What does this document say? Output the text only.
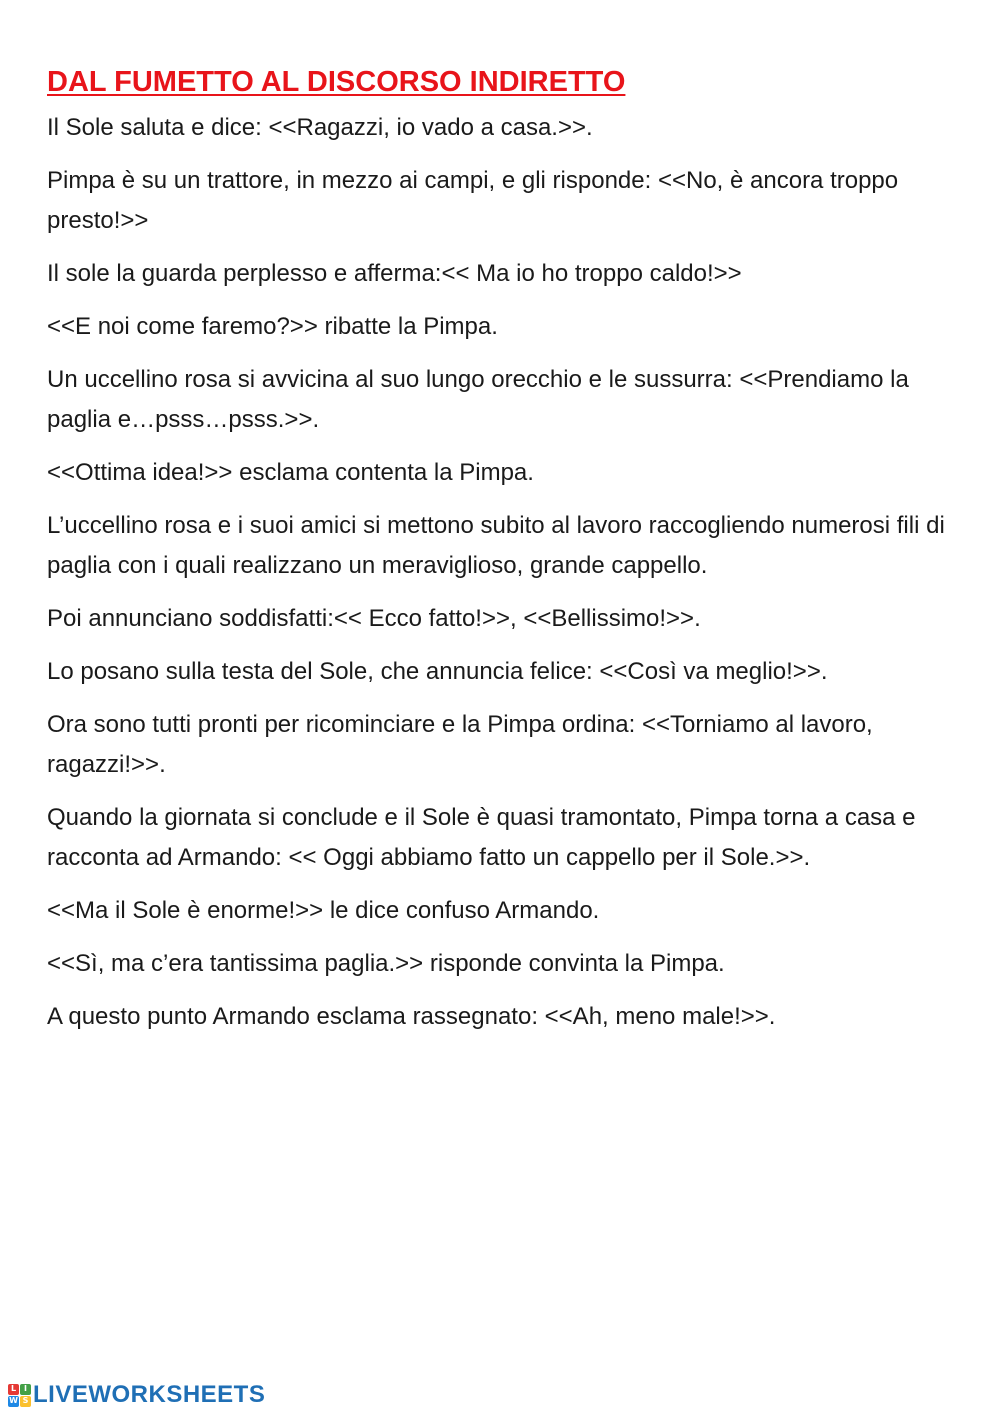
DAL FUMETTO AL DISCORSO INDIRETTO

Il Sole saluta e dice: <<Ragazzi, io vado a casa.>>.

Pimpa è su un trattore, in mezzo ai campi, e gli risponde: <<No, è ancora troppo presto!>>

Il sole la guarda perplesso e afferma:<< Ma io ho troppo caldo!>>

<<E noi come faremo?>> ribatte la Pimpa.

Un uccellino rosa si avvicina al suo lungo orecchio e le sussurra: <<Prendiamo la paglia e…psss…psss.>>.

<<Ottima idea!>> esclama contenta la Pimpa.

L’uccellino rosa e i suoi amici si mettono subito al lavoro raccogliendo numerosi fili di paglia con i quali realizzano un meraviglioso, grande cappello.

Poi annunciano soddisfatti:<< Ecco fatto!>>, <<Bellissimo!>>.

Lo posano sulla testa del Sole, che annuncia felice: <<Così va meglio!>>.

Ora sono tutti pronti per ricominciare e la Pimpa ordina: <<Torniamo al lavoro, ragazzi!>>.

Quando la giornata si conclude e il Sole è quasi tramontato, Pimpa torna a casa e racconta ad Armando: << Oggi abbiamo fatto un cappello per il Sole.>>.

<<Ma il Sole è enorme!>> le dice confuso Armando.

<<Sì, ma c’era tantissima paglia.>> risponde convinta la Pimpa.

A questo punto Armando esclama rassegnato: <<Ah, meno male!>>.

L I
W S LIVEWORKSHEETS
